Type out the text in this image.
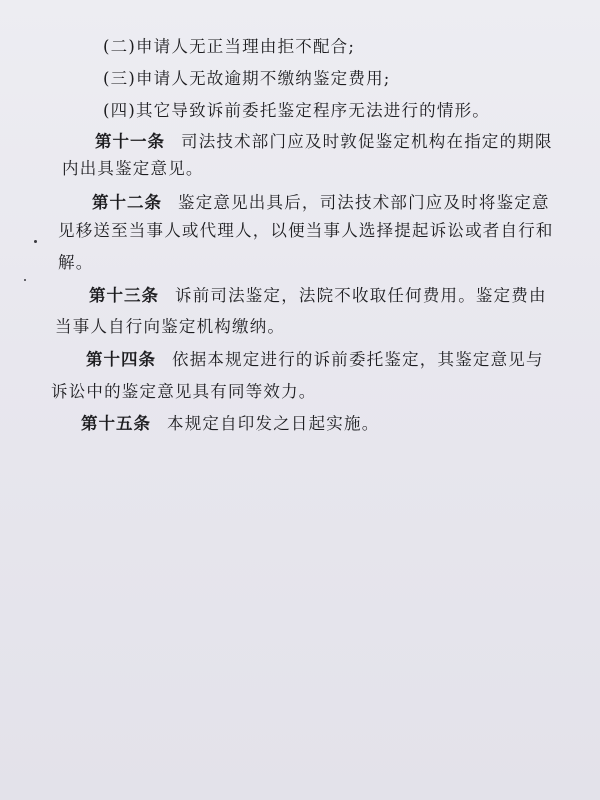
(二)申请人无正当理由拒不配合;
(三)申请人无故逾期不缴纳鉴定费用;
(四)其它导致诉前委托鉴定程序无法进行的情形。
第十一条 司法技术部门应及时敦促鉴定机构在指定的期限
内出具鉴定意见。
第十二条 鉴定意见出具后，司法技术部门应及时将鉴定意
见移送至当事人或代理人，以便当事人选择提起诉讼或者自行和
解。
第十三条 诉前司法鉴定，法院不收取任何费用。鉴定费由
当事人自行向鉴定机构缴纳。
第十四条 依据本规定进行的诉前委托鉴定，其鉴定意见与
诉讼中的鉴定意见具有同等效力。
第十五条 本规定自印发之日起实施。
